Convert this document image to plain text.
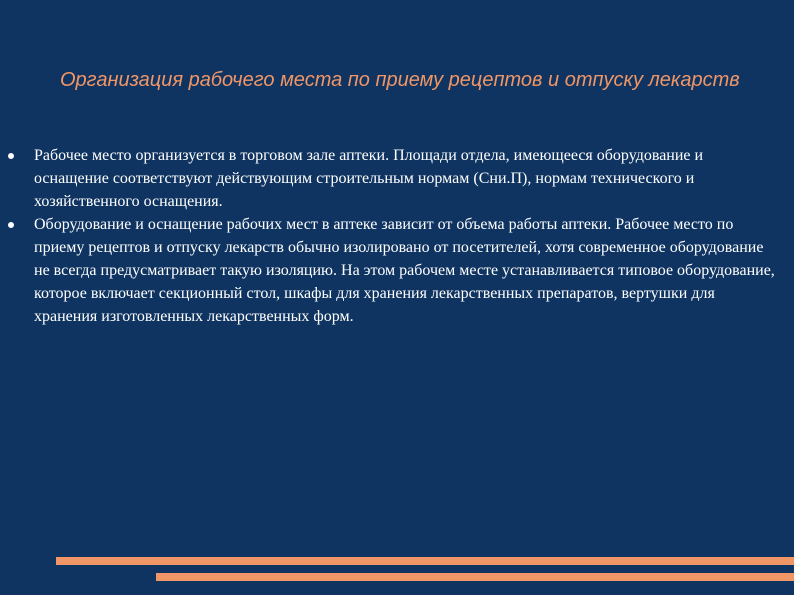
Организация рабочего места по приему рецептов и отпуску лекарств
Рабочее место организуется в торговом зале аптеки. Площади отдела, имеющееся оборудование и оснащение соответствуют действующим строительным нормам (Сни.П), нормам технического и хозяйственного оснащения.
Оборудование и оснащение рабочих мест в аптеке зависит от объема работы аптеки. Рабочее место по приему рецептов и отпуску лекарств обычно изолировано от посетителей, хотя современное оборудование не всегда предусматривает такую изоляцию. На этом рабочем месте устанавливается типовое оборудование, которое включает секционный стол, шкафы для хранения лекарственных препаратов, вертушки для хранения изготовленных лекарственных форм.
